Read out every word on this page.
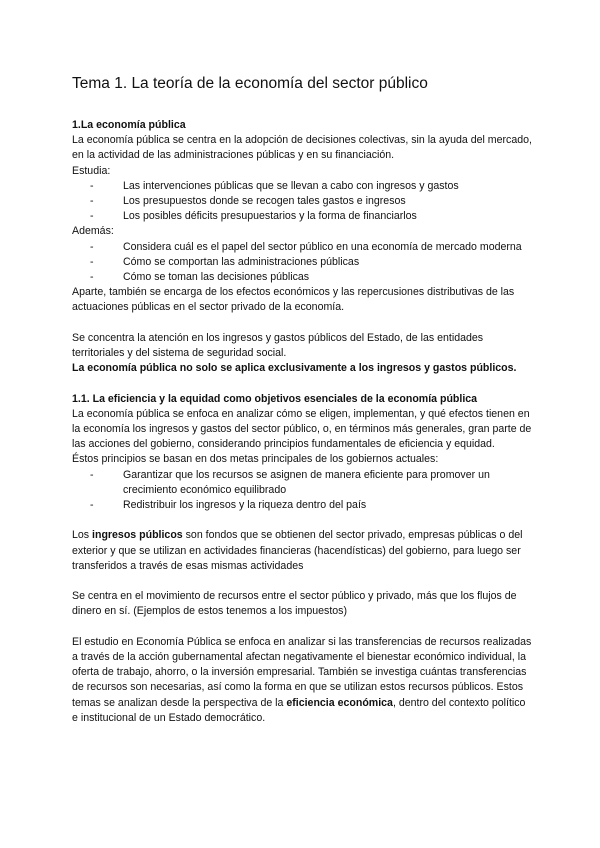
Tema 1. La teoría de la economía del sector público
1.La economía pública

La economía pública se centra en la adopción de decisiones colectivas, sin la ayuda del mercado, en la actividad de las administraciones públicas y en su financiación.

Estudia:

- Las intervenciones públicas que se llevan a cabo con ingresos y gastos
- Los presupuestos donde se recogen tales gastos e ingresos
- Los posibles déficits presupuestarios y la forma de financiarlos

Además:

- Considera cuál es el papel del sector público en una economía de mercado moderna
- Cómo se comportan las administraciones públicas
- Cómo se toman las decisiones públicas

Aparte, también se encarga de los efectos económicos y las repercusiones distributivas de las actuaciones públicas en el sector privado de la economía.

Se concentra la atención en los ingresos y gastos públicos del Estado, de las entidades territoriales y del sistema de seguridad social.

La economía pública no solo se aplica exclusivamente a los ingresos y gastos públicos.

1.1. La eficiencia y la equidad como objetivos esenciales de la economía pública

La economía pública se enfoca en analizar cómo se eligen, implementan, y qué efectos tienen en la economía los ingresos y gastos del sector público, o, en términos más generales, gran parte de las acciones del gobierno, considerando principios fundamentales de eficiencia y equidad.

Éstos principios se basan en dos metas principales de los gobiernos actuales:

- Garantizar que los recursos se asignen de manera eficiente para promover un crecimiento económico equilibrado
- Redistribuir los ingresos y la riqueza dentro del país

Los ingresos públicos son fondos que se obtienen del sector privado, empresas públicas o del exterior y que se utilizan en actividades financieras (hacendísticas) del gobierno, para luego ser transferidos a través de esas mismas actividades

Se centra en el movimiento de recursos entre el sector público y privado, más que los flujos de dinero en sí. (Ejemplos de estos tenemos a los impuestos)

El estudio en Economía Pública se enfoca en analizar si las transferencias de recursos realizadas a través de la acción gubernamental afectan negativamente el bienestar económico individual, la oferta de trabajo, ahorro, o la inversión empresarial. También se investiga cuántas transferencias de recursos son necesarias, así como la forma en que se utilizan estos recursos públicos. Estos temas se analizan desde la perspectiva de la eficiencia económica, dentro del contexto político e institucional de un Estado democrático.
